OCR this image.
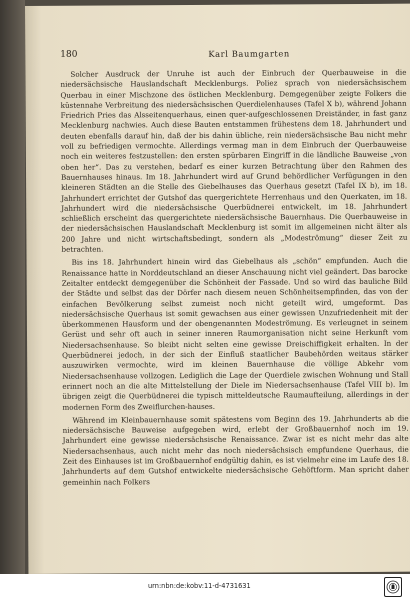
180	Karl Baumgarten

Solcher Ausdruck der Unruhe ist auch der Einbruch der Querbauweise in die niedersächsische Hauslandschaft Mecklenburgs. Poliez sprach von niedersächsischem Querbau in einer Mischzone des östlichen Mecklenburg. Demgegenüber zeigte Folkers die küstennahe Verbreitung des niedersächsischen Querdielenhauses (Tafel X b), während Johann Friedrich Pries das Alsseitenquerhaus, einen quer-aufgeschlossenen Dreiständer, in fast ganz Mecklenburg nachwies. Auch diese Bauten entstammen frühestens dem 18. Jahrhundert und deuten ebenfalls darauf hin, daß der bis dahin übliche, rein niedersächsische Bau nicht mehr voll zu befriedigen vermochte. Allerdings vermag man in dem Einbruch der Querbauweise noch ein weiteres festzustellen: den ersten spürbaren Eingriff in die ländliche Bauweise „von oben her“. Das zu verstehen, bedarf es einer kurzen Betrachtung über den Rahmen des Bauernhauses hinaus. Im 18. Jahrhundert wird auf Grund behördlicher Verfügungen in den kleineren Städten an die Stelle des Giebelhauses das Querhaus gesetzt (Tafel IX b), im 18. Jahrhundert errichtet der Gutshof das quergerichtete Herrenhaus und den Querkaten, im 18. Jahrhundert wird die niedersächsische Querbüdnerei entwickelt, im 18. Jahrhundert schließlich erscheint das quergerichtete niedersächsische Bauernhaus. Die Querbauweise in der niedersächsischen Hauslandschaft Mecklenburg ist somit im allgemeinen nicht älter als 200 Jahre und nicht wirtschaftsbedingt, sondern als „Modeströmung“ dieser Zeit zu betrachten.

Bis ins 18. Jahrhundert hinein wird das Giebelhaus als „schön“ empfunden. Auch die Renaissance hatte in Norddeutschland an dieser Anschauung nicht viel geändert. Das barocke Zeitalter entdeckt demgegenüber die Schönheit der Fassade. Und so wird das bauliche Bild der Städte und selbst das der Dörfer nach diesem neuen Schönheitsempfinden, das von der einfachen Bevölkerung selbst zumeist noch nicht geteilt wird, umgeformt. Das niedersächsische Querhaus ist somit gewachsen aus einer gewissen Unzufriedenheit mit der überkommenen Hausform und der obengenannten Modeströmung. Es verleugnet in seinem Gerüst und sehr oft auch in seiner inneren Raumorganisation nicht seine Herkunft vom Niedersachsenhause. So bleibt nicht selten eine gewisse Dreischiffigkeit erhalten. In der Querbüdnerei jedoch, in der sich der Einfluß staatlicher Baubehörden weitaus stärker auszuwirken vermochte, wird im kleinen Bauernhause die völlige Abkehr vom Niedersachsenhause vollzogen. Lediglich die Lage der Querdiele zwischen Wohnung und Stall erinnert noch an die alte Mittelstellung der Diele im Niedersachsenhause (Tafel VIII b). Im übrigen zeigt die Querbüdnerei die typisch mitteldeutsche Raumaufteilung, allerdings in der modernen Form des Zweiflurchen-hauses.

Während im Kleinbauernhause somit spätestens vom Beginn des 19. Jahrhunderts ab die niedersächsische Bauweise aufgegeben wird, erlebt der Großbauernhof noch im 19. Jahrhundert eine gewisse niedersächsische Renaissance. Zwar ist es nicht mehr das alte Niedersachsenhaus, auch nicht mehr das noch niedersächsisch empfundene Querhaus, die Zeit des Einhauses ist im Großbauernhof endgültig dahin, es ist vielmehr eine im Laufe des 18. Jahrhunderts auf dem Gutshof entwickelte niedersächsische Gehöftform. Man spricht daher gemeinhin nach Folkers

urn:nbn:de:kobv:11-d-4731631
